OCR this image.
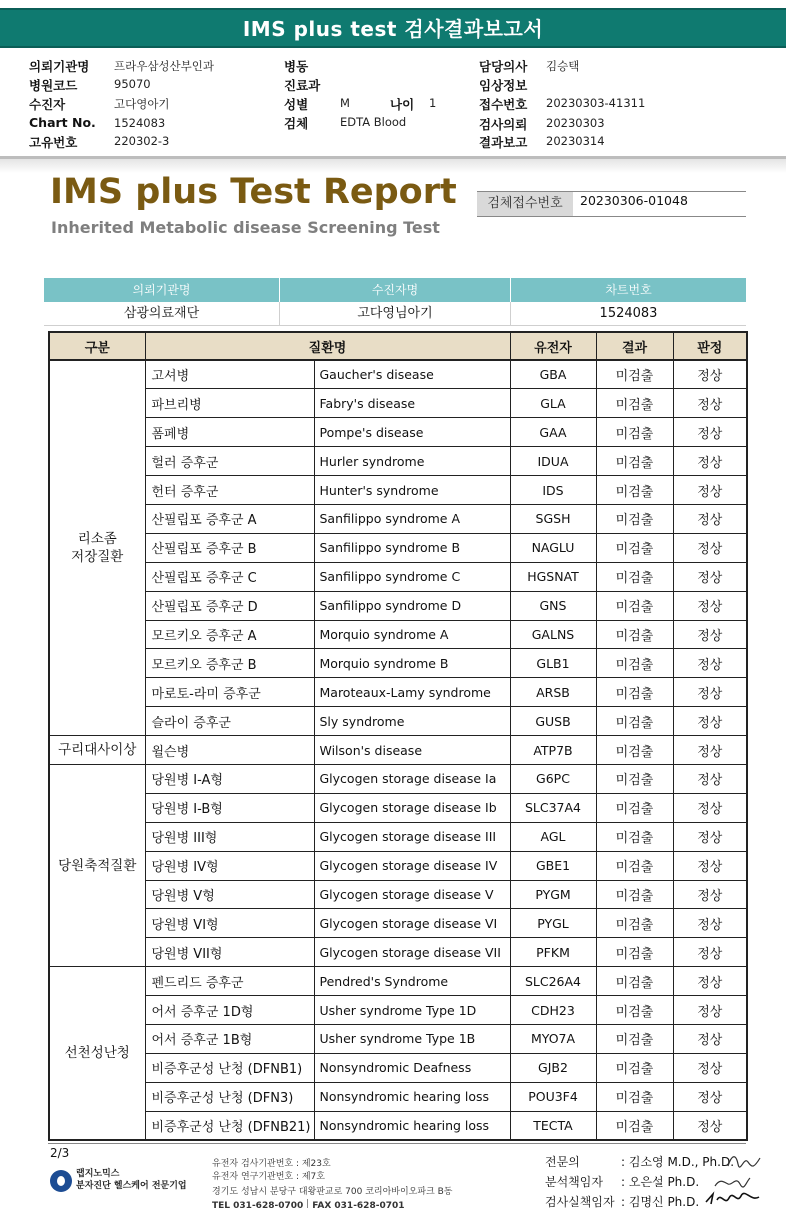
IMS plus test 검사결과보고서
의뢰기관명 프라우삼성산부인과
병원코드	95070
수진자	고다영아기
Chart No. 1524083
고유번호	220302-3
병동
진료과
성별	M	나이 1
검체	EDTA Blood
담당의사 김승택
임상정보
접수번호 20230303-41311
검사의뢰 20230303
결과보고 20230314
IMS plus Test Report
Inherited Metabolic disease Screening Test
검체접수번호	20230306-01048
의뢰기관명	수진자명	차트번호
삼광의료재단	고다영님아기	1524083
구분	질환명		유전자	결과	판정
리소좀
저장질환	고셔병	Gaucher's disease	GBA	미검출	정상
	파브리병	Fabry's disease	GLA	미검출	정상
	폼페병	Pompe's disease	GAA	미검출	정상
	헐러 증후군	Hurler syndrome	IDUA	미검출	정상
	헌터 증후군	Hunter's syndrome	IDS	미검출	정상
	산필립포 증후군 A	Sanfilippo syndrome A	SGSH	미검출	정상
	산필립포 증후군 B	Sanfilippo syndrome B	NAGLU	미검출	정상
	산필립포 증후군 C	Sanfilippo syndrome C	HGSNAT	미검출	정상
	산필립포 증후군 D	Sanfilippo syndrome D	GNS	미검출	정상
	모르키오 증후군 A	Morquio syndrome A	GALNS	미검출	정상
	모르키오 증후군 B	Morquio syndrome B	GLB1	미검출	정상
	마로토-라미 증후군	Maroteaux-Lamy syndrome	ARSB	미검출	정상
	슬라이 증후군	Sly syndrome	GUSB	미검출	정상
구리대사이상	윌슨병	Wilson's disease	ATP7B	미검출	정상
당원축적질환	당원병 I-A형	Glycogen storage disease Ia	G6PC	미검출	정상
	당원병 I-B형	Glycogen storage disease Ib	SLC37A4	미검출	정상
	당원병 III형	Glycogen storage disease III	AGL	미검출	정상
	당원병 IV형	Glycogen storage disease IV	GBE1	미검출	정상
	당원병 V형	Glycogen storage disease V	PYGM	미검출	정상
	당원병 VI형	Glycogen storage disease VI	PYGL	미검출	정상
	당원병 VII형	Glycogen storage disease VII	PFKM	미검출	정상
선천성난청	펜드리드 증후군	Pendred's Syndrome	SLC26A4	미검출	정상
	어서 증후군 1D형	Usher syndrome Type 1D	CDH23	미검출	정상
	어서 증후군 1B형	Usher syndrome Type 1B	MYO7A	미검출	정상
	비증후군성 난청 (DFNB1)	Nonsyndromic Deafness	GJB2	미검출	정상
	비증후군성 난청 (DFN3)	Nonsyndromic hearing loss	POU3F4	미검출	정상
	비증후군성 난청 (DFNB21)	Nonsyndromic hearing loss	TECTA	미검출	정상
2/3
랩지노믹스
분자진단 헬스케어 전문기업
유전자 검사기관번호 : 제23호
유전자 연구기관번호 : 제7호
경기도 성남시 분당구 대왕판교로 700 코리아바이오파크 B동
TEL 031-628-0700 FAX 031-628-0701
전문의	: 김소영 M.D., Ph.D.
분석책임자	: 오은설 Ph.D.
검사실책임자 : 김명신 Ph.D.
